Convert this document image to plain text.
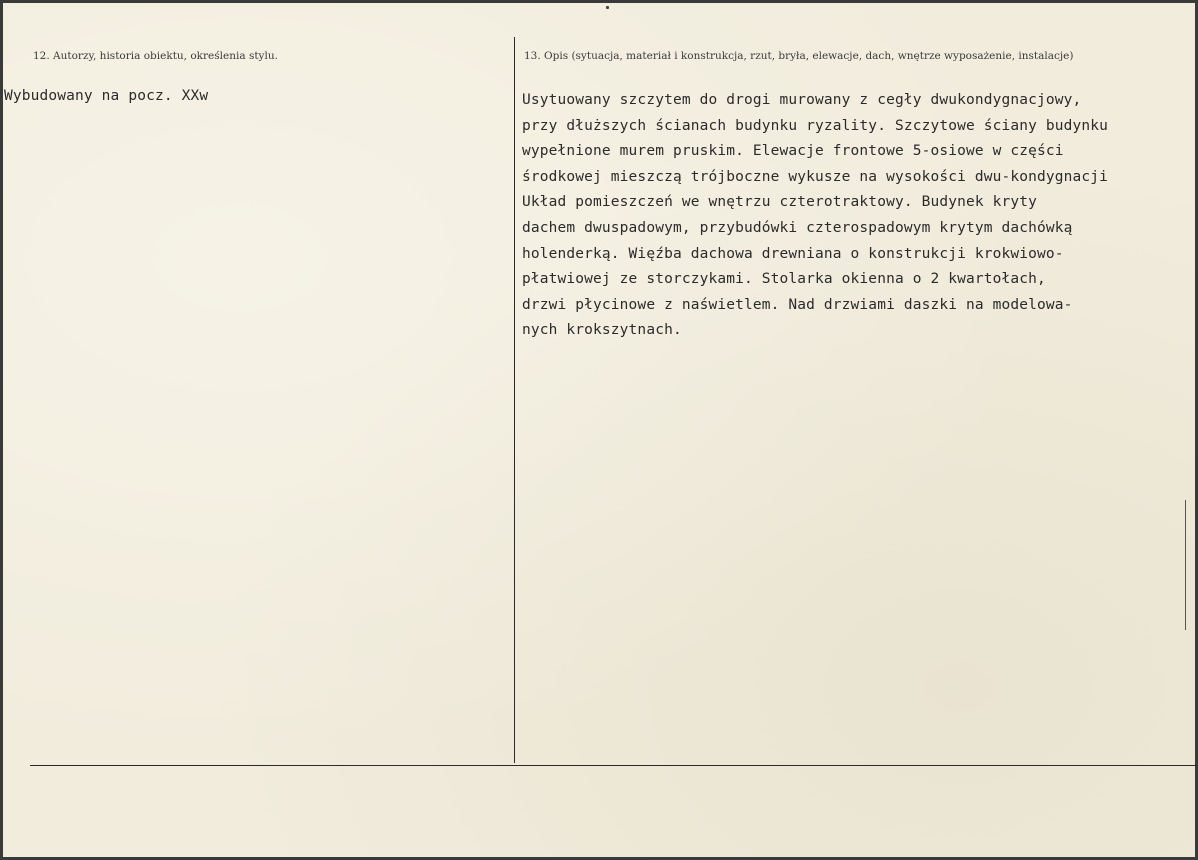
12. Autorzy, historia obiektu, określenia stylu.	13. Opis (sytuacja, materiał i konstrukcja, rzut, bryła, elewacje, dach, wnętrze wyposażenie, instalacje)
Wybudowany na pocz. XXw	Usytuowany szczytem do drogi murowany z cegły dwukondygnacjowy,
przy dłuższych ścianach budynku ryzality. Szczytowe ściany budynku
wypełnione murem pruskim. Elewacje frontowe 5-osiowe w części
środkowej mieszczą trójboczne wykusze na wysokości dwu-kondygnacji
Układ pomieszczeń we wnętrzu czterotraktowy. Budynek kryty
dachem dwuspadowym, przybudówki czterospadowym krytym dachówką
holenderką. Więźba dachowa drewniana o konstrukcji krokwiowo-
płatwiowej ze storczykami. Stolarka okienna o 2 kwartołach,
drzwi płycinowe z naświetlem. Nad drzwiami daszki na modelowa-
nych krokszytnach.
